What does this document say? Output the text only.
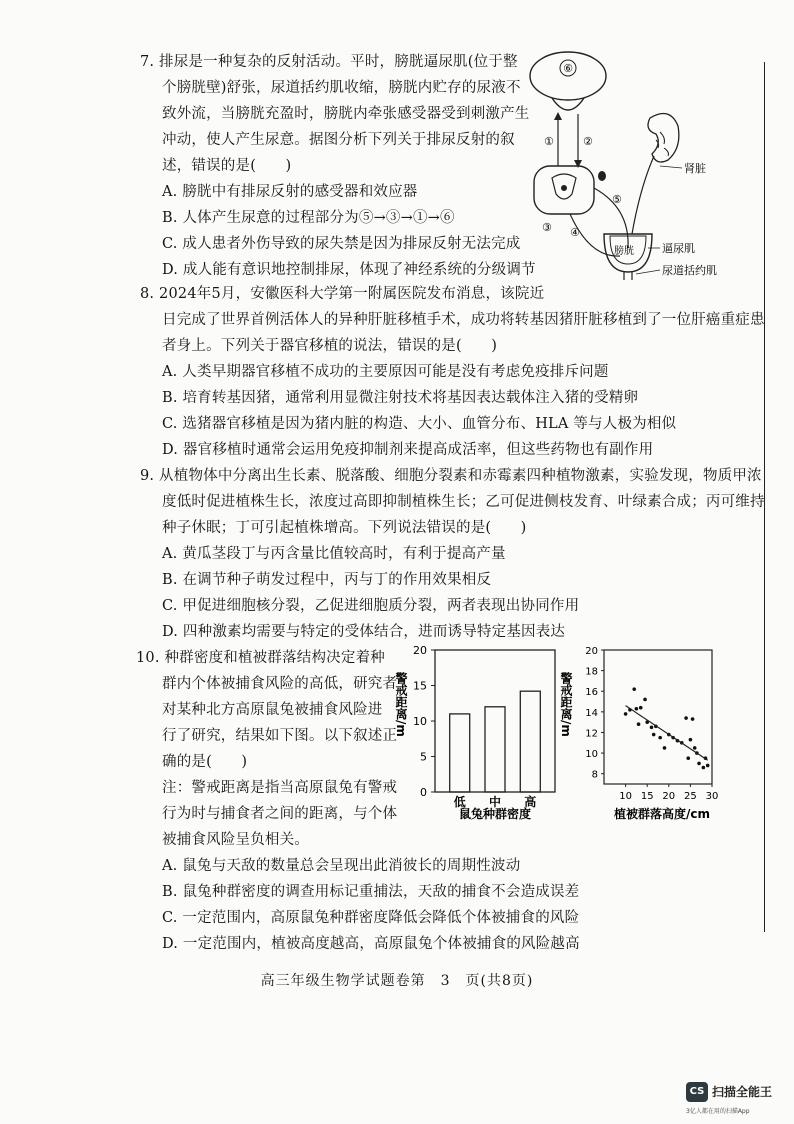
7. 排尿是一种复杂的反射活动。平时，膀胱逼尿肌(位于整
个膀胱壁)舒张，尿道括约肌收缩，膀胱内贮存的尿液不
致外流，当膀胱充盈时，膀胱内牵张感受器受到刺激产生
冲动，使人产生尿意。据图分析下列关于排尿反射的叙
述，错误的是(　　)
A. 膀胱中有排尿反射的感受器和效应器
B. 人体产生尿意的过程部分为⑤→③→①→⑥
C. 成人患者外伤导致的尿失禁是因为排尿反射无法完成
D. 成人能有意识地控制排尿，体现了神经系统的分级调节
⑥
①	②
③ ④
⑤
肾脏
膀胱	逼尿肌
尿道括约肌
8. 2024年5月，安徽医科大学第一附属医院发布消息，该院近
日完成了世界首例活体人的异种肝脏移植手术，成功将转基因猪肝脏移植到了一位肝癌重症患
者身上。下列关于器官移植的说法，错误的是(　　)
A. 人类早期器官移植不成功的主要原因可能是没有考虑免疫排斥问题
B. 培育转基因猪，通常利用显微注射技术将基因表达载体注入猪的受精卵
C. 选猪器官移植是因为猪内脏的构造、大小、血管分布、HLA 等与人极为相似
D. 器官移植时通常会运用免疫抑制剂来提高成活率，但这些药物也有副作用
9. 从植物体中分离出生长素、脱落酸、细胞分裂素和赤霉素四种植物激素，实验发现，物质甲浓
度低时促进植株生长，浓度过高即抑制植株生长；乙可促进侧枝发育、叶绿素合成；丙可维持
种子休眠；丁可引起植株增高。下列说法错误的是(　　)
A. 黄瓜茎段丁与丙含量比值较高时，有利于提高产量
B. 在调节种子萌发过程中，丙与丁的作用效果相反
C. 甲促进细胞核分裂，乙促进细胞质分裂，两者表现出协同作用
D. 四种激素均需要与特定的受体结合，进而诱导特定基因表达
10. 种群密度和植被群落结构决定着种
群内个体被捕食风险的高低，研究者
对某种北方高原鼠兔被捕食风险进
行了研究，结果如下图。以下叙述正
确的是(　　)
注：警戒距离是指当高原鼠兔有警戒
行为时与捕食者之间的距离，与个体
被捕食风险呈负相关。
A. 鼠兔与天敌的数量总会呈现出此消彼长的周期性波动
B. 鼠兔种群密度的调查用标记重捕法，天敌的捕食不会造成误差
C. 一定范围内，高原鼠兔种群密度降低会降低个体被捕食的风险
D. 一定范围内，植被高度越高，高原鼠兔个体被捕食的风险越高
0
5
10
15
20
低 中 高
警戒距离/m
鼠兔种群密度
8
10
12
14
16
18
20
10 15 20 25 30
警戒距离/m
植被群落高度/cm
高三年级生物学试题卷第　3　页(共8页)
CS 扫描全能王
3亿人都在用的扫描App
